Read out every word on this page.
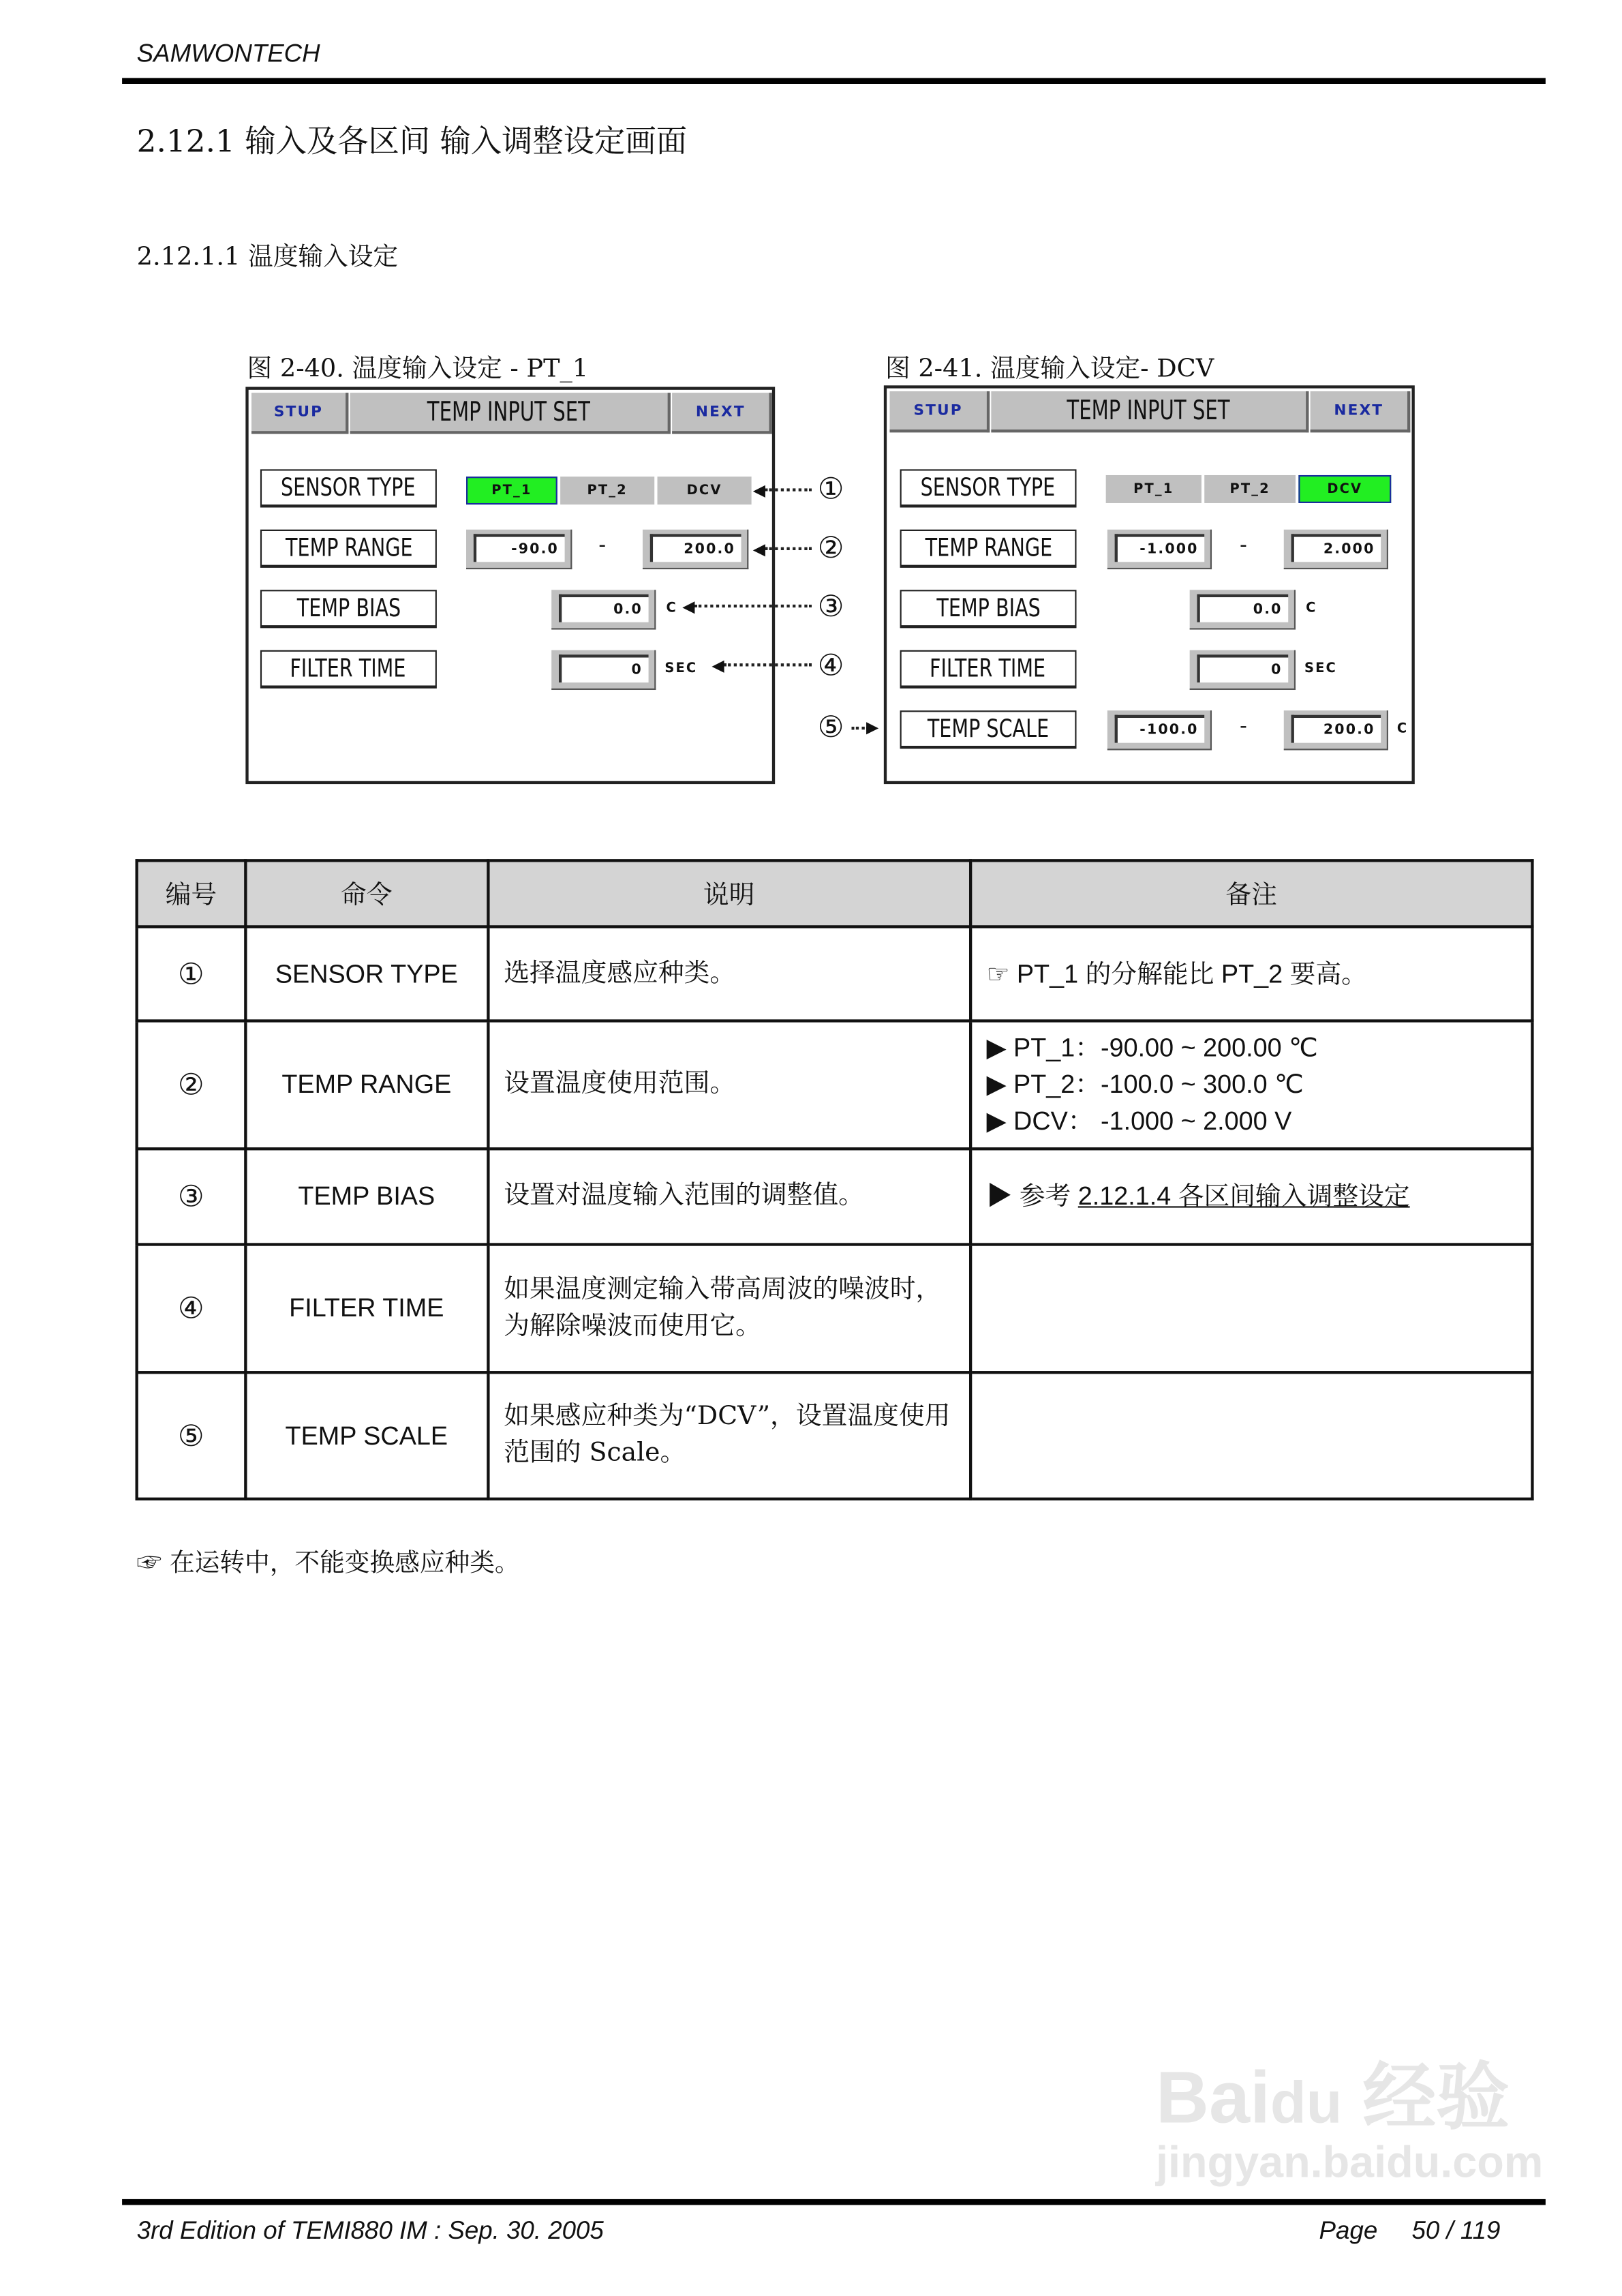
SAMWONTECH
2.12.1 输入及各区间 输入调整设定画面
2.12.1.1 温度输入设定
图 2-40. 温度输入设定 - PT_1
STUP	TEMP INPUT SET	NEXT
SENSOR TYPE
TEMP RANGE
TEMP BIAS
FILTER TIME
PT_1	PT_2	DCV
-90.0	-	200.0
0.0	C
0	SEC
◀	①
◀	②
◀	③
◀	④
⑤
图 2-41. 温度输入设定- DCV
STUP	TEMP INPUT SET	NEXT
SENSOR TYPE
TEMP RANGE
TEMP BIAS
FILTER TIME
TEMP SCALE
PT_1	PT_2	DCV
-1.000	-	2.000
0.0	C
0	SEC
-100.0	-	200.0	C
▶
编号	命令	说明	备注
①	SENSOR TYPE	选择温度感应种类。	☞ PT_1 的分解能比 PT_2 要高。
②	TEMP RANGE	设置温度使用范围。	▶ PT_1：-90.00 ~ 200.00 ℃
▶ PT_2：-100.0 ~ 300.0 ℃
▶ DCV： -1.000 ~ 2.000 V

③	TEMP BIAS	设置对温度输入范围的调整值。	▶ 参考 2.12.1.4 各区间输入调整设定
④	FILTER TIME	如果温度测定输入带高周波的噪波时，为解除噪波而使用它。	
⑤	TEMP SCALE	如果感应种类为“DCV”，设置温度使用范围的 Scale。	
☞ 在运转中，不能变换感应种类。
Baidu 经验
jingyan.baidu.com
3rd Edition of TEMI880 IM : Sep. 30. 2005	Page	50 / 119
